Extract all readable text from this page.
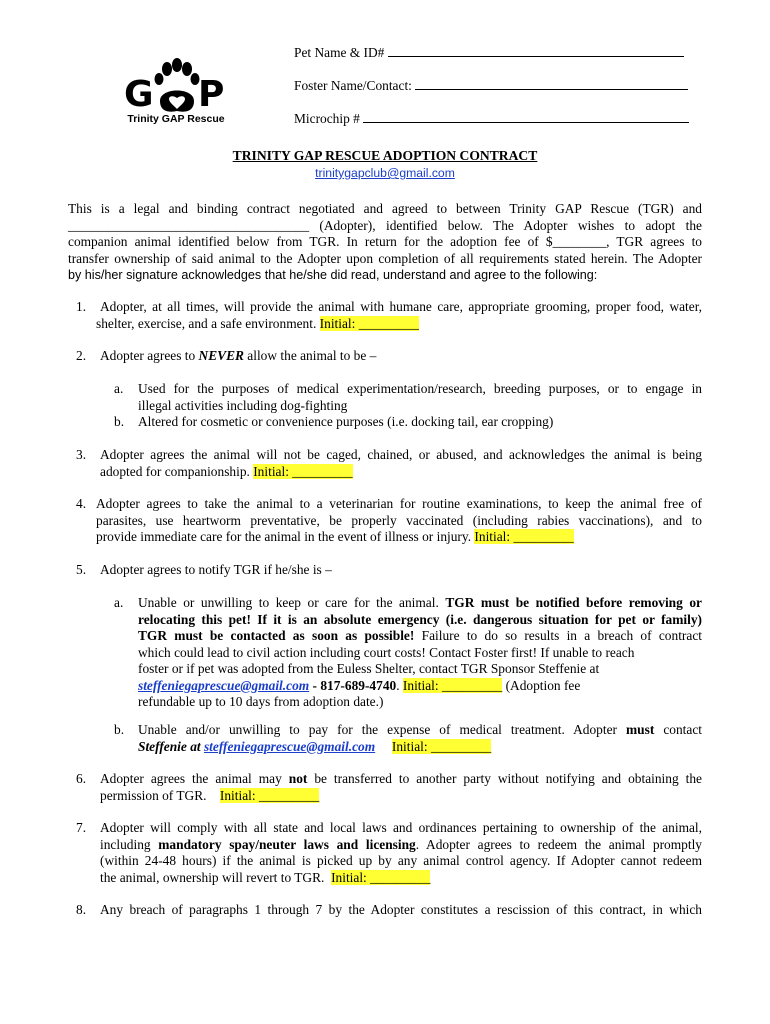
Pet Name & ID#
Foster Name/Contact:
Microchip #
G P
Trinity GAP Rescue
TRINITY GAP RESCUE ADOPTION CONTRACT
trinitygapclub@gmail.com
This is a legal and binding contract negotiated and agreed to between Trinity GAP Rescue (TGR) and
____________________________________ (Adopter), identified below. The Adopter wishes to adopt the
companion animal identified below from TGR. In return for the adoption fee of $________, TGR agrees to
transfer ownership of said animal to the Adopter upon completion of all requirements stated herein. The Adopter
by his/her signature acknowledges that he/she did read, understand and agree to the following:
1. Adopter, at all times, will provide the animal with humane care, appropriate grooming, proper food, water,
shelter, exercise, and a safe environment. Initial: _________
2. Adopter agrees to NEVER allow the animal to be –
a. Used for the purposes of medical experimentation/research, breeding purposes, or to engage in
illegal activities including dog-fighting
b. Altered for cosmetic or convenience purposes (i.e. docking tail, ear cropping)
3. Adopter agrees the animal will not be caged, chained, or abused, and acknowledges the animal is being
adopted for companionship. Initial: _________
4. Adopter agrees to take the animal to a veterinarian for routine examinations, to keep the animal free of
parasites, use heartworm preventative, be properly vaccinated (including rabies vaccinations), and to
provide immediate care for the animal in the event of illness or injury. Initial: _________
5. Adopter agrees to notify TGR if he/she is –
a. Unable or unwilling to keep or care for the animal. TGR must be notified before removing or
relocating this pet! If it is an absolute emergency (i.e. dangerous situation for pet or family)
TGR must be contacted as soon as possible! Failure to do so results in a breach of contract
which could lead to civil action including court costs! Contact Foster first! If unable to reach
foster or if pet was adopted from the Euless Shelter, contact TGR Sponsor Steffenie at
steffeniegaprescue@gmail.com - 817-689-4740. Initial: _________ (Adoption fee
refundable up to 10 days from adoption date.)
b. Unable and/or unwilling to pay for the expense of medical treatment. Adopter must contact
Steffenie at steffeniegaprescue@gmail.com Initial: _________
6. Adopter agrees the animal may not be transferred to another party without notifying and obtaining the
permission of TGR.    Initial: _________
7. Adopter will comply with all state and local laws and ordinances pertaining to ownership of the animal,
including mandatory spay/neuter laws and licensing. Adopter agrees to redeem the animal promptly
(within 24-48 hours) if the animal is picked up by any animal control agency. If Adopter cannot redeem
the animal, ownership will revert to TGR.  Initial: _________
8. Any breach of paragraphs 1 through 7 by the Adopter constitutes a rescission of this contract, in which
